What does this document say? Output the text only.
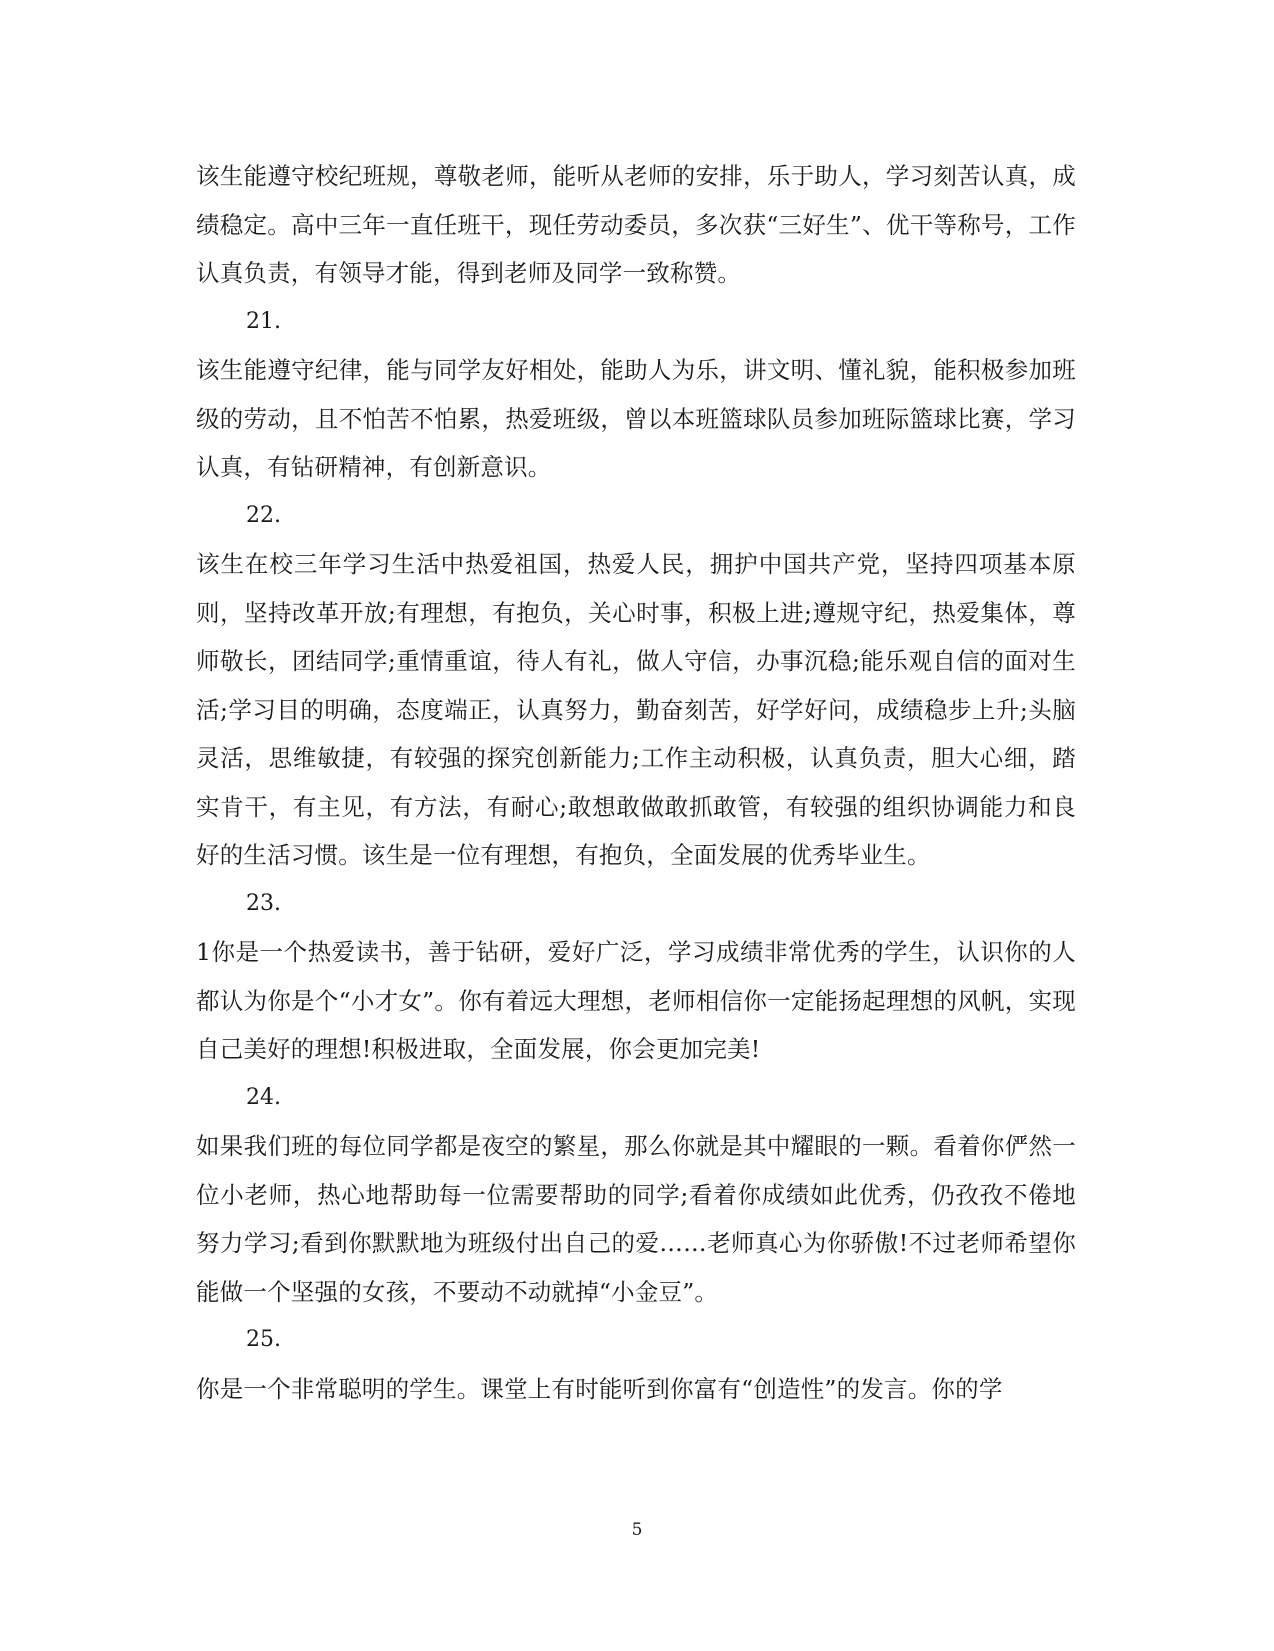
该生能遵守校纪班规，尊敬老师，能听从老师的安排，乐于助人，学习刻苦认真，成绩稳定。高中三年一直任班干，现任劳动委员，多次获“三好生”、优干等称号，工作认真负责，有领导才能，得到老师及同学一致称赞。

21.

该生能遵守纪律，能与同学友好相处，能助人为乐，讲文明、懂礼貌，能积极参加班级的劳动，且不怕苦不怕累，热爱班级，曾以本班篮球队员参加班际篮球比赛，学习认真，有钻研精神，有创新意识。

22.

该生在校三年学习生活中热爱祖国，热爱人民，拥护中国共产党，坚持四项基本原则，坚持改革开放;有理想，有抱负，关心时事，积极上进;遵规守纪，热爱集体，尊师敬长，团结同学;重情重谊，待人有礼，做人守信，办事沉稳;能乐观自信的面对生活;学习目的明确，态度端正，认真努力，勤奋刻苦，好学好问，成绩稳步上升;头脑灵活，思维敏捷，有较强的探究创新能力;工作主动积极，认真负责，胆大心细，踏实肯干，有主见，有方法，有耐心;敢想敢做敢抓敢管，有较强的组织协调能力和良好的生活习惯。该生是一位有理想，有抱负，全面发展的优秀毕业生。

23.

1你是一个热爱读书，善于钻研，爱好广泛，学习成绩非常优秀的学生，认识你的人都认为你是个“小才女”。你有着远大理想，老师相信你一定能扬起理想的风帆，实现自己美好的理想!积极进取，全面发展，你会更加完美!

24.

如果我们班的每位同学都是夜空的繁星，那么你就是其中耀眼的一颗。看着你俨然一位小老师，热心地帮助每一位需要帮助的同学;看着你成绩如此优秀，仍孜孜不倦地努力学习;看到你默默地为班级付出自己的爱……老师真心为你骄傲!不过老师希望你能做一个坚强的女孩，不要动不动就掉“小金豆”。

25.

你是一个非常聪明的学生。课堂上有时能听到你富有“创造性”的发言。你的学

5
